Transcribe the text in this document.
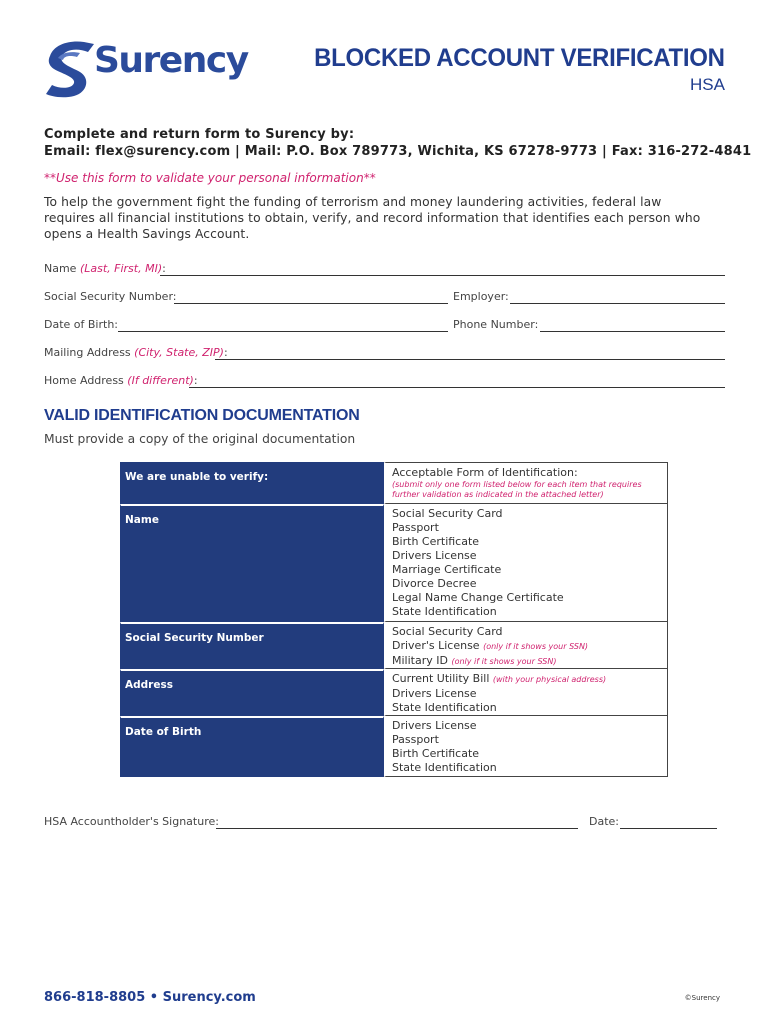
Surency	BLOCKED ACCOUNT VERIFICATION
HSA
Complete and return form to Surency by:
Email: flex@surency.com | Mail: P.O. Box 789773, Wichita, KS 67278-9773 | Fax: 316-272-4841
**Use this form to validate your personal information**
To help the government fight the funding of terrorism and money laundering activities, federal law requires all financial institutions to obtain, verify, and record information that identifies each person who opens a Health Savings Account.
Name (Last, First, MI):
Social Security Number:	Employer:
Date of Birth:	Phone Number:
Mailing Address (City, State, ZIP):
Home Address (If different):
VALID IDENTIFICATION DOCUMENTATION
Must provide a copy of the original documentation
We are unable to verify:	Acceptable Form of Identification:
(submit only one form listed below for each item that requires further validation as indicated in the attached letter)
Name	Social Security Card
Passport
Birth Certificate
Drivers License
Marriage Certificate
Divorce Decree
Legal Name Change Certificate
State Identification
Social Security Number	Social Security Card
Driver's License (only if it shows your SSN)
Military ID (only if it shows your SSN)
Address	Current Utility Bill (with your physical address)
Drivers License
State Identification
Date of Birth	Drivers License
Passport
Birth Certificate
State Identification
HSA Accountholder's Signature:	Date:
866-818-8805 • Surency.com	©Surency
